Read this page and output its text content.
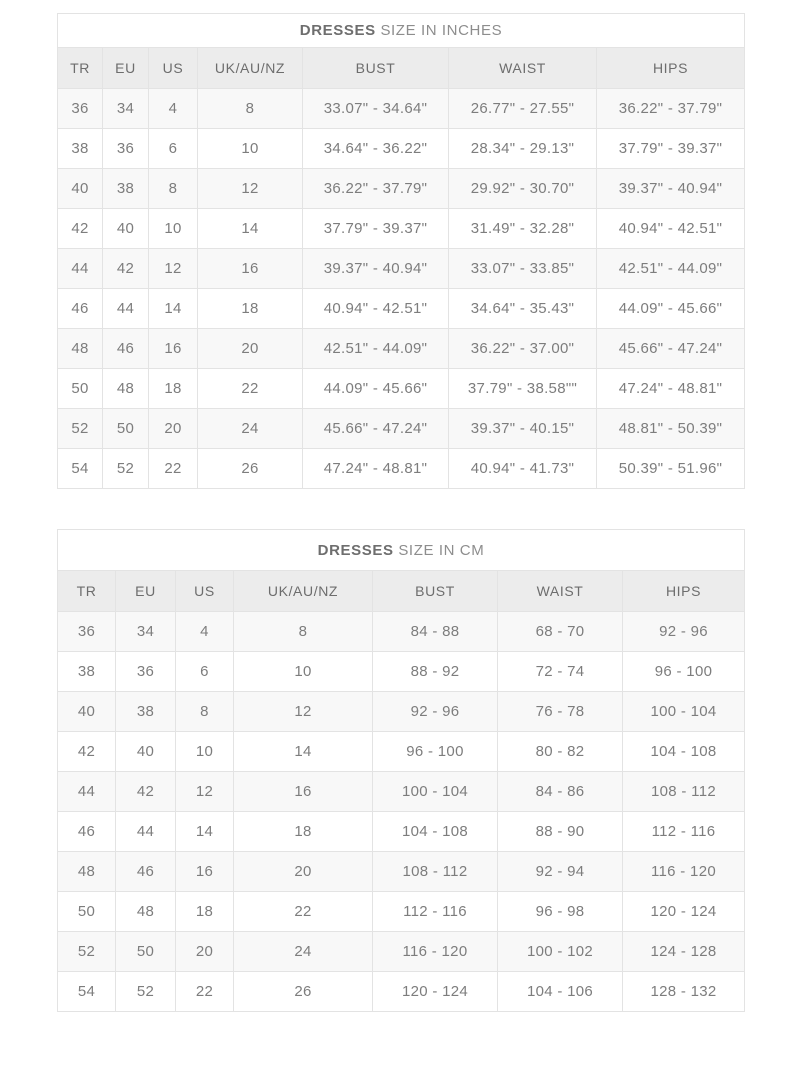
DRESSES SIZE IN INCHES						
TR	EU	US	UK/AU/NZ	BUST	WAIST	HIPS
36	34	4	8	33.07" - 34.64"	26.77" - 27.55"	36.22" - 37.79"
38	36	6	10	34.64" - 36.22"	28.34" - 29.13"	37.79" - 39.37"
40	38	8	12	36.22" - 37.79"	29.92" - 30.70"	39.37" - 40.94"
42	40	10	14	37.79" - 39.37"	31.49" - 32.28"	40.94" - 42.51"
44	42	12	16	39.37" - 40.94"	33.07" - 33.85"	42.51" - 44.09"
46	44	14	18	40.94" - 42.51"	34.64" - 35.43"	44.09" - 45.66"
48	46	16	20	42.51" - 44.09"	36.22" - 37.00"	45.66" - 47.24"
50	48	18	22	44.09" - 45.66"	37.79" - 38.58""	47.24" - 48.81"
52	50	20	24	45.66" - 47.24"	39.37" - 40.15"	48.81" - 50.39"
54	52	22	26	47.24" - 48.81"	40.94" - 41.73"	50.39" - 51.96"
DRESSES SIZE IN CM						
TR	EU	US	UK/AU/NZ	BUST	WAIST	HIPS
36	34	4	8	84 - 88	68 - 70	92 - 96
38	36	6	10	88 - 92	72 - 74	96 - 100
40	38	8	12	92 - 96	76 - 78	100 - 104
42	40	10	14	96 - 100	80 - 82	104 - 108
44	42	12	16	100 - 104	84 - 86	108 - 112
46	44	14	18	104 - 108	88 - 90	112 - 116
48	46	16	20	108 - 112	92 - 94	116 - 120
50	48	18	22	112 - 116	96 - 98	120 - 124
52	50	20	24	116 - 120	100 - 102	124 - 128
54	52	22	26	120 - 124	104 - 106	128 - 132
